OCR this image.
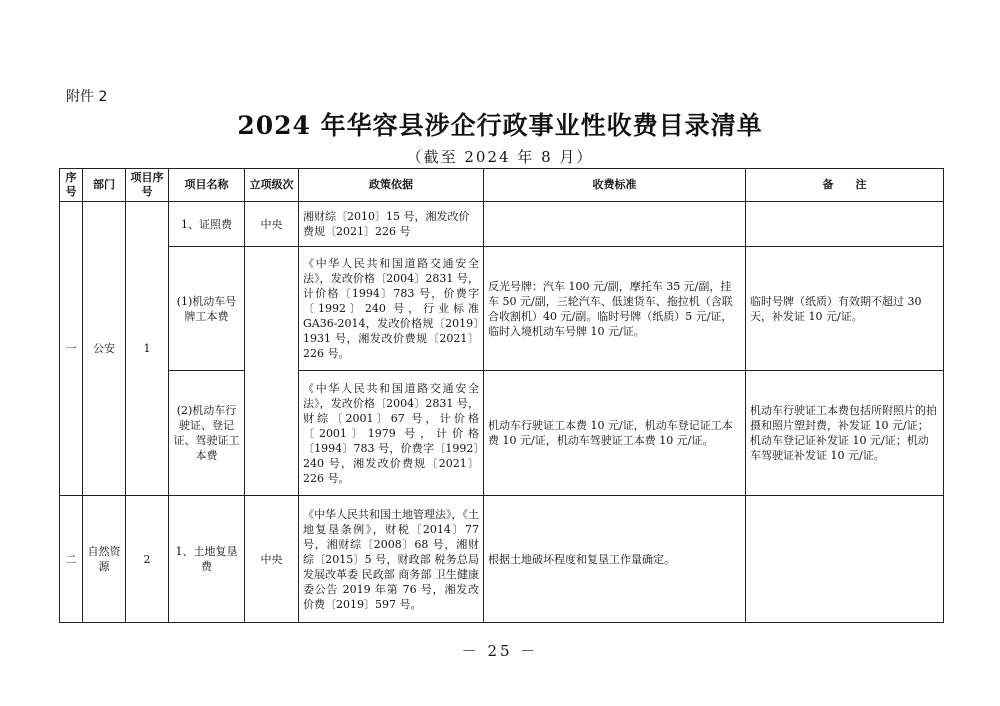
附件 2
2024 年华容县涉企行政事业性收费目录清单
（截至 2024 年 8 月）
序号	部门	项目序号	项目名称	立项级次	政策依据	收费标准	备　　注
一	公安	1	1、证照费	中央	湘财综〔2010〕15 号，湘发改价费规〔2021〕226 号		
			(1)机动车号牌工本费		《中华人民共和国道路交通安全法》，发改价格〔2004〕2831 号，计价格〔1994〕783 号，价费字〔1992〕240 号，行业标准 GA36-2014，发改价格规〔2019〕1931 号，湘发改价费规〔2021〕226 号。	反光号牌：汽车 100 元/副，摩托车 35 元/副，挂车 50 元/副，三轮汽车、低速货车、拖拉机（含联合收割机）40 元/副。临时号牌（纸质）5 元/证，临时入境机动车号牌 10 元/证。	临时号牌（纸质）有效期不超过 30 天，补发证 10 元/证。
			(2)机动车行驶证、登记证、驾驶证工本费		《中华人民共和国道路交通安全法》，发改价格〔2004〕2831 号，财综〔2001〕67 号，计价格〔2001〕1979 号，计价格〔1994〕783 号，价费字〔1992〕240 号，湘发改价费规〔2021〕226 号。	机动车行驶证工本费 10 元/证，机动车登记证工本费 10 元/证，机动车驾驶证工本费 10 元/证。	机动车行驶证工本费包括所附照片的拍摄和照片塑封费，补发证 10 元/证；机动车登记证补发证 10 元/证；机动车驾驶证补发证 10 元/证。
二	自然资源	2	1、土地复垦费	中央	《中华人民共和国土地管理法》，《土地复垦条例》，财税〔2014〕77 号，湘财综〔2008〕68 号，湘财综〔2015〕5 号，财政部 税务总局 发展改革委 民政部 商务部 卫生健康委公告 2019 年第 76 号，湘发改价费〔2019〕597 号。	根据土地破坏程度和复垦工作量确定。	
－ 25 －
